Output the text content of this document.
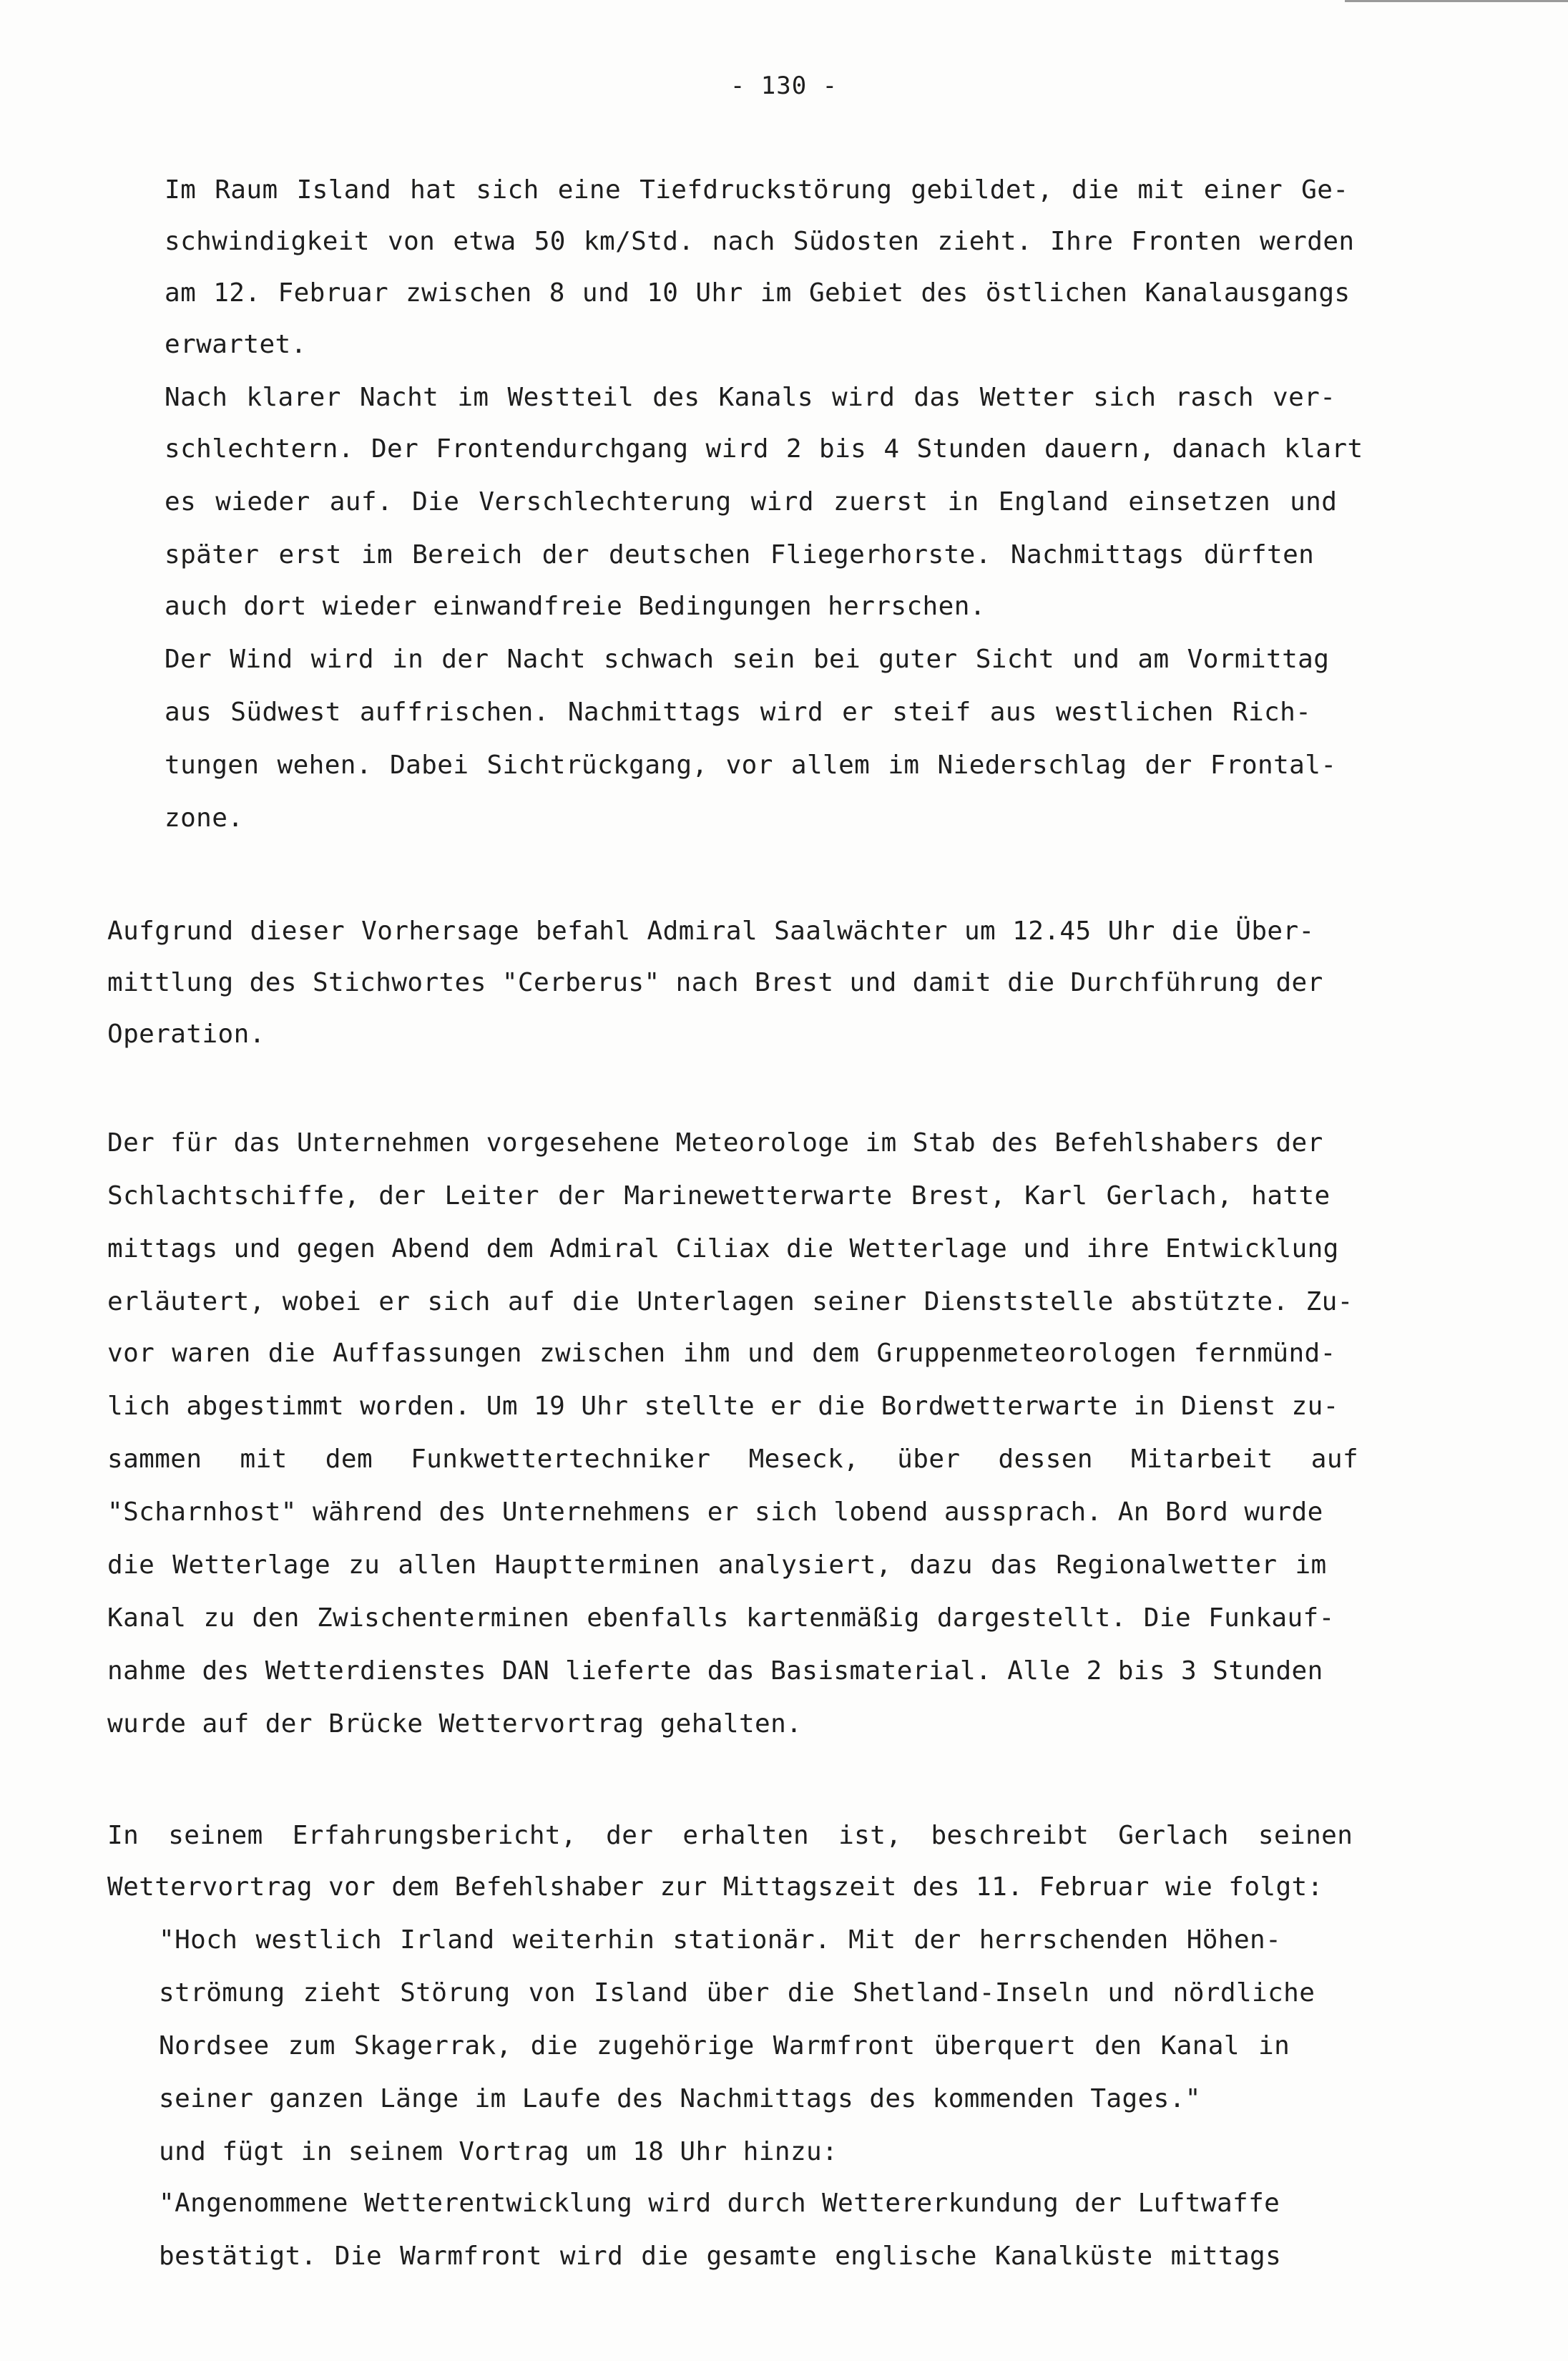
- 130 -
Im Raum Island hat sich eine Tiefdruckstörung gebildet, die mit einer Ge-
schwindigkeit von etwa 50 km/Std. nach Südosten zieht. Ihre Fronten werden
am 12. Februar zwischen 8 und 10 Uhr im Gebiet des östlichen Kanalausgangs
erwartet.
Nach klarer Nacht im Westteil des Kanals wird das Wetter sich rasch ver-
schlechtern. Der Frontendurchgang wird 2 bis 4 Stunden dauern, danach klart
es wieder auf. Die Verschlechterung wird zuerst in England einsetzen und
später erst im Bereich der deutschen Fliegerhorste. Nachmittags dürften
auch dort wieder einwandfreie Bedingungen herrschen.
Der Wind wird in der Nacht schwach sein bei guter Sicht und am Vormittag
aus Südwest auffrischen. Nachmittags wird er steif aus westlichen Rich-
tungen wehen. Dabei Sichtrückgang, vor allem im Niederschlag der Frontal-
zone.
Aufgrund dieser Vorhersage befahl Admiral Saalwächter um 12.45 Uhr die Über-
mittlung des Stichwortes "Cerberus" nach Brest und damit die Durchführung der
Operation.
Der für das Unternehmen vorgesehene Meteorologe im Stab des Befehlshabers der
Schlachtschiffe, der Leiter der Marinewetterwarte Brest, Karl Gerlach, hatte
mittags und gegen Abend dem Admiral Ciliax die Wetterlage und ihre Entwicklung
erläutert, wobei er sich auf die Unterlagen seiner Dienststelle abstützte. Zu-
vor waren die Auffassungen zwischen ihm und dem Gruppenmeteorologen fernmünd-
lich abgestimmt worden. Um 19 Uhr stellte er die Bordwetterwarte in Dienst zu-
sammen mit dem Funkwettertechniker Meseck, über dessen Mitarbeit auf
"Scharnhost" während des Unternehmens er sich lobend aussprach. An Bord wurde
die Wetterlage zu allen Hauptterminen analysiert, dazu das Regionalwetter im
Kanal zu den Zwischenterminen ebenfalls kartenmäßig dargestellt. Die Funkauf-
nahme des Wetterdienstes DAN lieferte das Basismaterial. Alle 2 bis 3 Stunden
wurde auf der Brücke Wettervortrag gehalten.
In seinem Erfahrungsbericht, der erhalten ist, beschreibt Gerlach seinen
Wettervortrag vor dem Befehlshaber zur Mittagszeit des 11. Februar wie folgt:
"Hoch westlich Irland weiterhin stationär. Mit der herrschenden Höhen-
strömung zieht Störung von Island über die Shetland-Inseln und nördliche
Nordsee zum Skagerrak, die zugehörige Warmfront überquert den Kanal in
seiner ganzen Länge im Laufe des Nachmittags des kommenden Tages."
und fügt in seinem Vortrag um 18 Uhr hinzu:
"Angenommene Wetterentwicklung wird durch Wettererkundung der Luftwaffe
bestätigt. Die Warmfront wird die gesamte englische Kanalküste mittags
